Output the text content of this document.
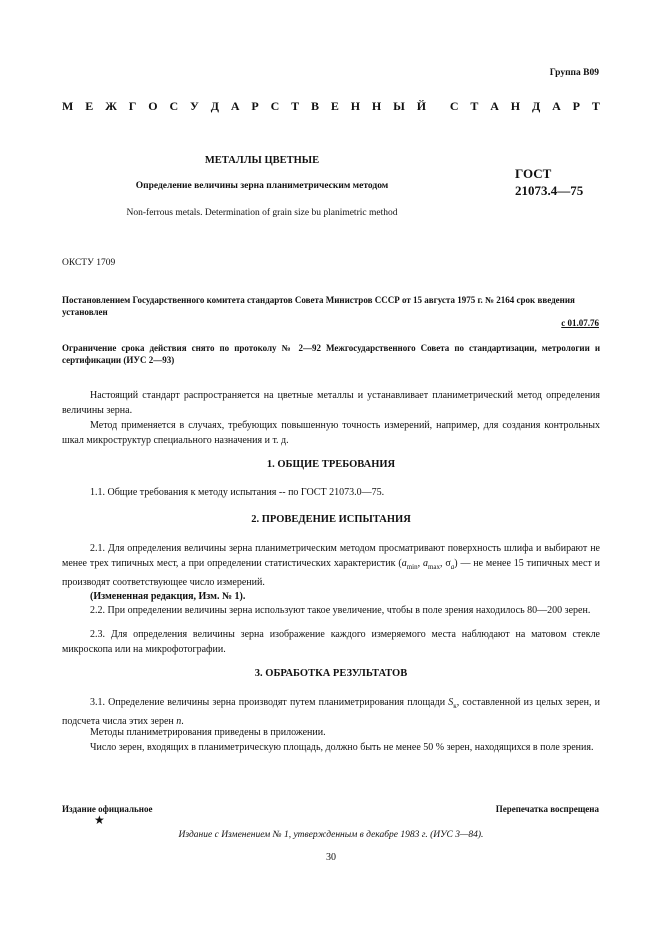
Группа В09
М Е Ж Г О С У Д А Р С Т В Е Н Н Ы Й С Т А Н Д А Р Т
МЕТАЛЛЫ ЦВЕТНЫЕ
Определение величины зерна планиметрическим методом
ГОСТ
21073.4—75
Non-ferrous metals. Determination of grain size bu planimetric method
ОКСТУ 1709
Постановлением Государственного комитета стандартов Совета Министров СССР от 15 августа 1975 г. № 2164 срок введения установлен
с 01.07.76
Ограничение срока действия снято по протоколу № 2—92 Межгосударственного Совета по стандартизации, метрологии и сертификации (ИУС 2—93)
Настоящий стандарт распространяется на цветные металлы и устанавливает планиметрический метод определения величины зерна.
Метод применяется в случаях, требующих повышенную точность измерений, например, для создания контрольных шкал микроструктур специального назначения и т. д.
1. ОБЩИЕ ТРЕБОВАНИЯ
1.1. Общие требования к методу испытания -- по ГОСТ 21073.0—75.
2. ПРОВЕДЕНИЕ ИСПЫТАНИЯ
2.1. Для определения величины зерна планиметрическим методом просматривают поверхность шлифа и выбирают не менее трех типичных мест, а при определении статистических характеристик ($a_{min}$, $a_{max}$, $\sigma_a$) — не менее 15 типичных мест и производят соответствующее число измерений.
(Измененная редакция, Изм. № 1).
2.2. При определении величины зерна используют такое увеличение, чтобы в поле зрения находилось 80—200 зерен.
2.3. Для определения величины зерна изображение каждого измеряемого места наблюдают на матовом стекле микроскопа или на микрофотографии.
3. ОБРАБОТКА РЕЗУЛЬТАТОВ
3.1. Определение величины зерна производят путем планиметрирования площади $S_к$, составленной из целых зерен, и подсчета числа этих зерен n.
Методы планиметрирования приведены в приложении.
Число зерен, входящих в планиметрическую площадь, должно быть не менее 50 % зерен, находящихся в поле зрения.
Издание официальное	Перепечатка воспрещена
★
Издание с Изменением № 1, утвержденным в декабре 1983 г. (ИУС 3—84).
30
